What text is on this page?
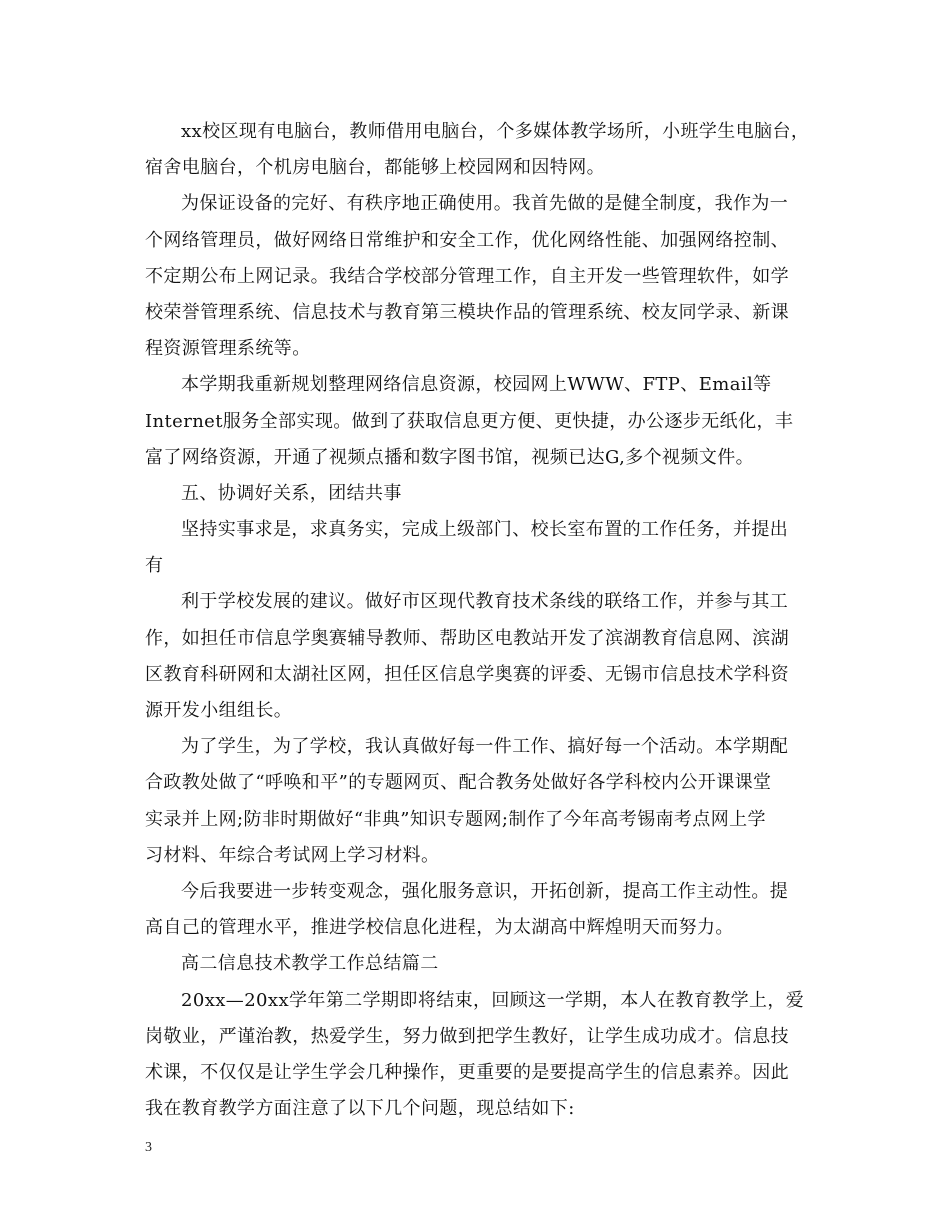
xx校区现有电脑台，教师借用电脑台，个多媒体教学场所，小班学生电脑台，
宿舍电脑台，个机房电脑台，都能够上校园网和因特网。
为保证设备的完好、有秩序地正确使用。我首先做的是健全制度，我作为一
个网络管理员，做好网络日常维护和安全工作，优化网络性能、加强网络控制、
不定期公布上网记录。我结合学校部分管理工作，自主开发一些管理软件，如学
校荣誉管理系统、信息技术与教育第三模块作品的管理系统、校友同学录、新课
程资源管理系统等。
本学期我重新规划整理网络信息资源，校园网上WWW、FTP、Email等
Internet服务全部实现。做到了获取信息更方便、更快捷，办公逐步无纸化，丰
富了网络资源，开通了视频点播和数字图书馆，视频已达G,多个视频文件。
五、协调好关系，团结共事
坚持实事求是，求真务实，完成上级部门、校长室布置的工作任务，并提出
有
利于学校发展的建议。做好市区现代教育技术条线的联络工作，并参与其工
作，如担任市信息学奥赛辅导教师、帮助区电教站开发了滨湖教育信息网、滨湖
区教育科研网和太湖社区网，担任区信息学奥赛的评委、无锡市信息技术学科资
源开发小组组长。
为了学生，为了学校，我认真做好每一件工作、搞好每一个活动。本学期配
合政教处做了“呼唤和平”的专题网页、配合教务处做好各学科校内公开课课堂
实录并上网;防非时期做好“非典”知识专题网;制作了今年高考锡南考点网上学
习材料、年综合考试网上学习材料。
今后我要进一步转变观念，强化服务意识，开拓创新，提高工作主动性。提
高自己的管理水平，推进学校信息化进程，为太湖高中辉煌明天而努力。
高二信息技术教学工作总结篇二
20xx—20xx学年第二学期即将结束，回顾这一学期，本人在教育教学上，爱
岗敬业，严谨治教，热爱学生，努力做到把学生教好，让学生成功成才。信息技
术课，不仅仅是让学生学会几种操作，更重要的是要提高学生的信息素养。因此
我在教育教学方面注意了以下几个问题，现总结如下:
3
